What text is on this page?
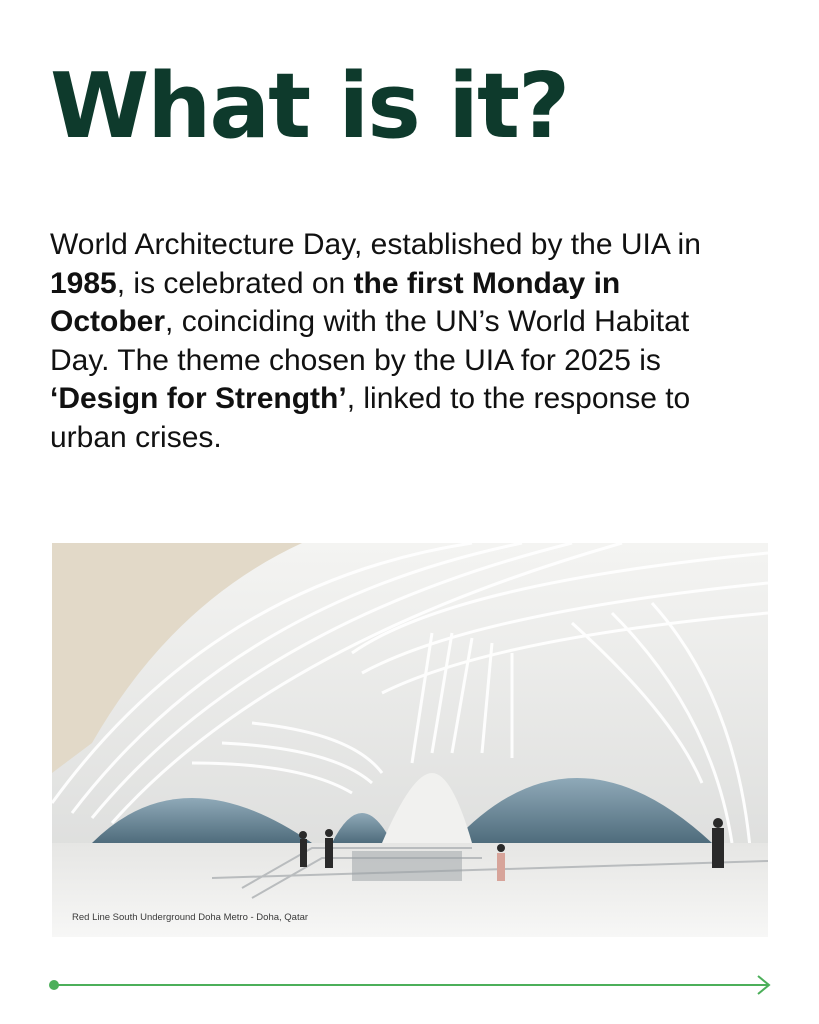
What is it?

World Architecture Day, established by the UIA in 1985, is celebrated on the first Monday in October, coinciding with the UN’s World Habitat Day. The theme chosen by the UIA for 2025 is ‘Design for Strength’, linked to the response to urban crises.

Red Line South Underground Doha Metro - Doha, Qatar
